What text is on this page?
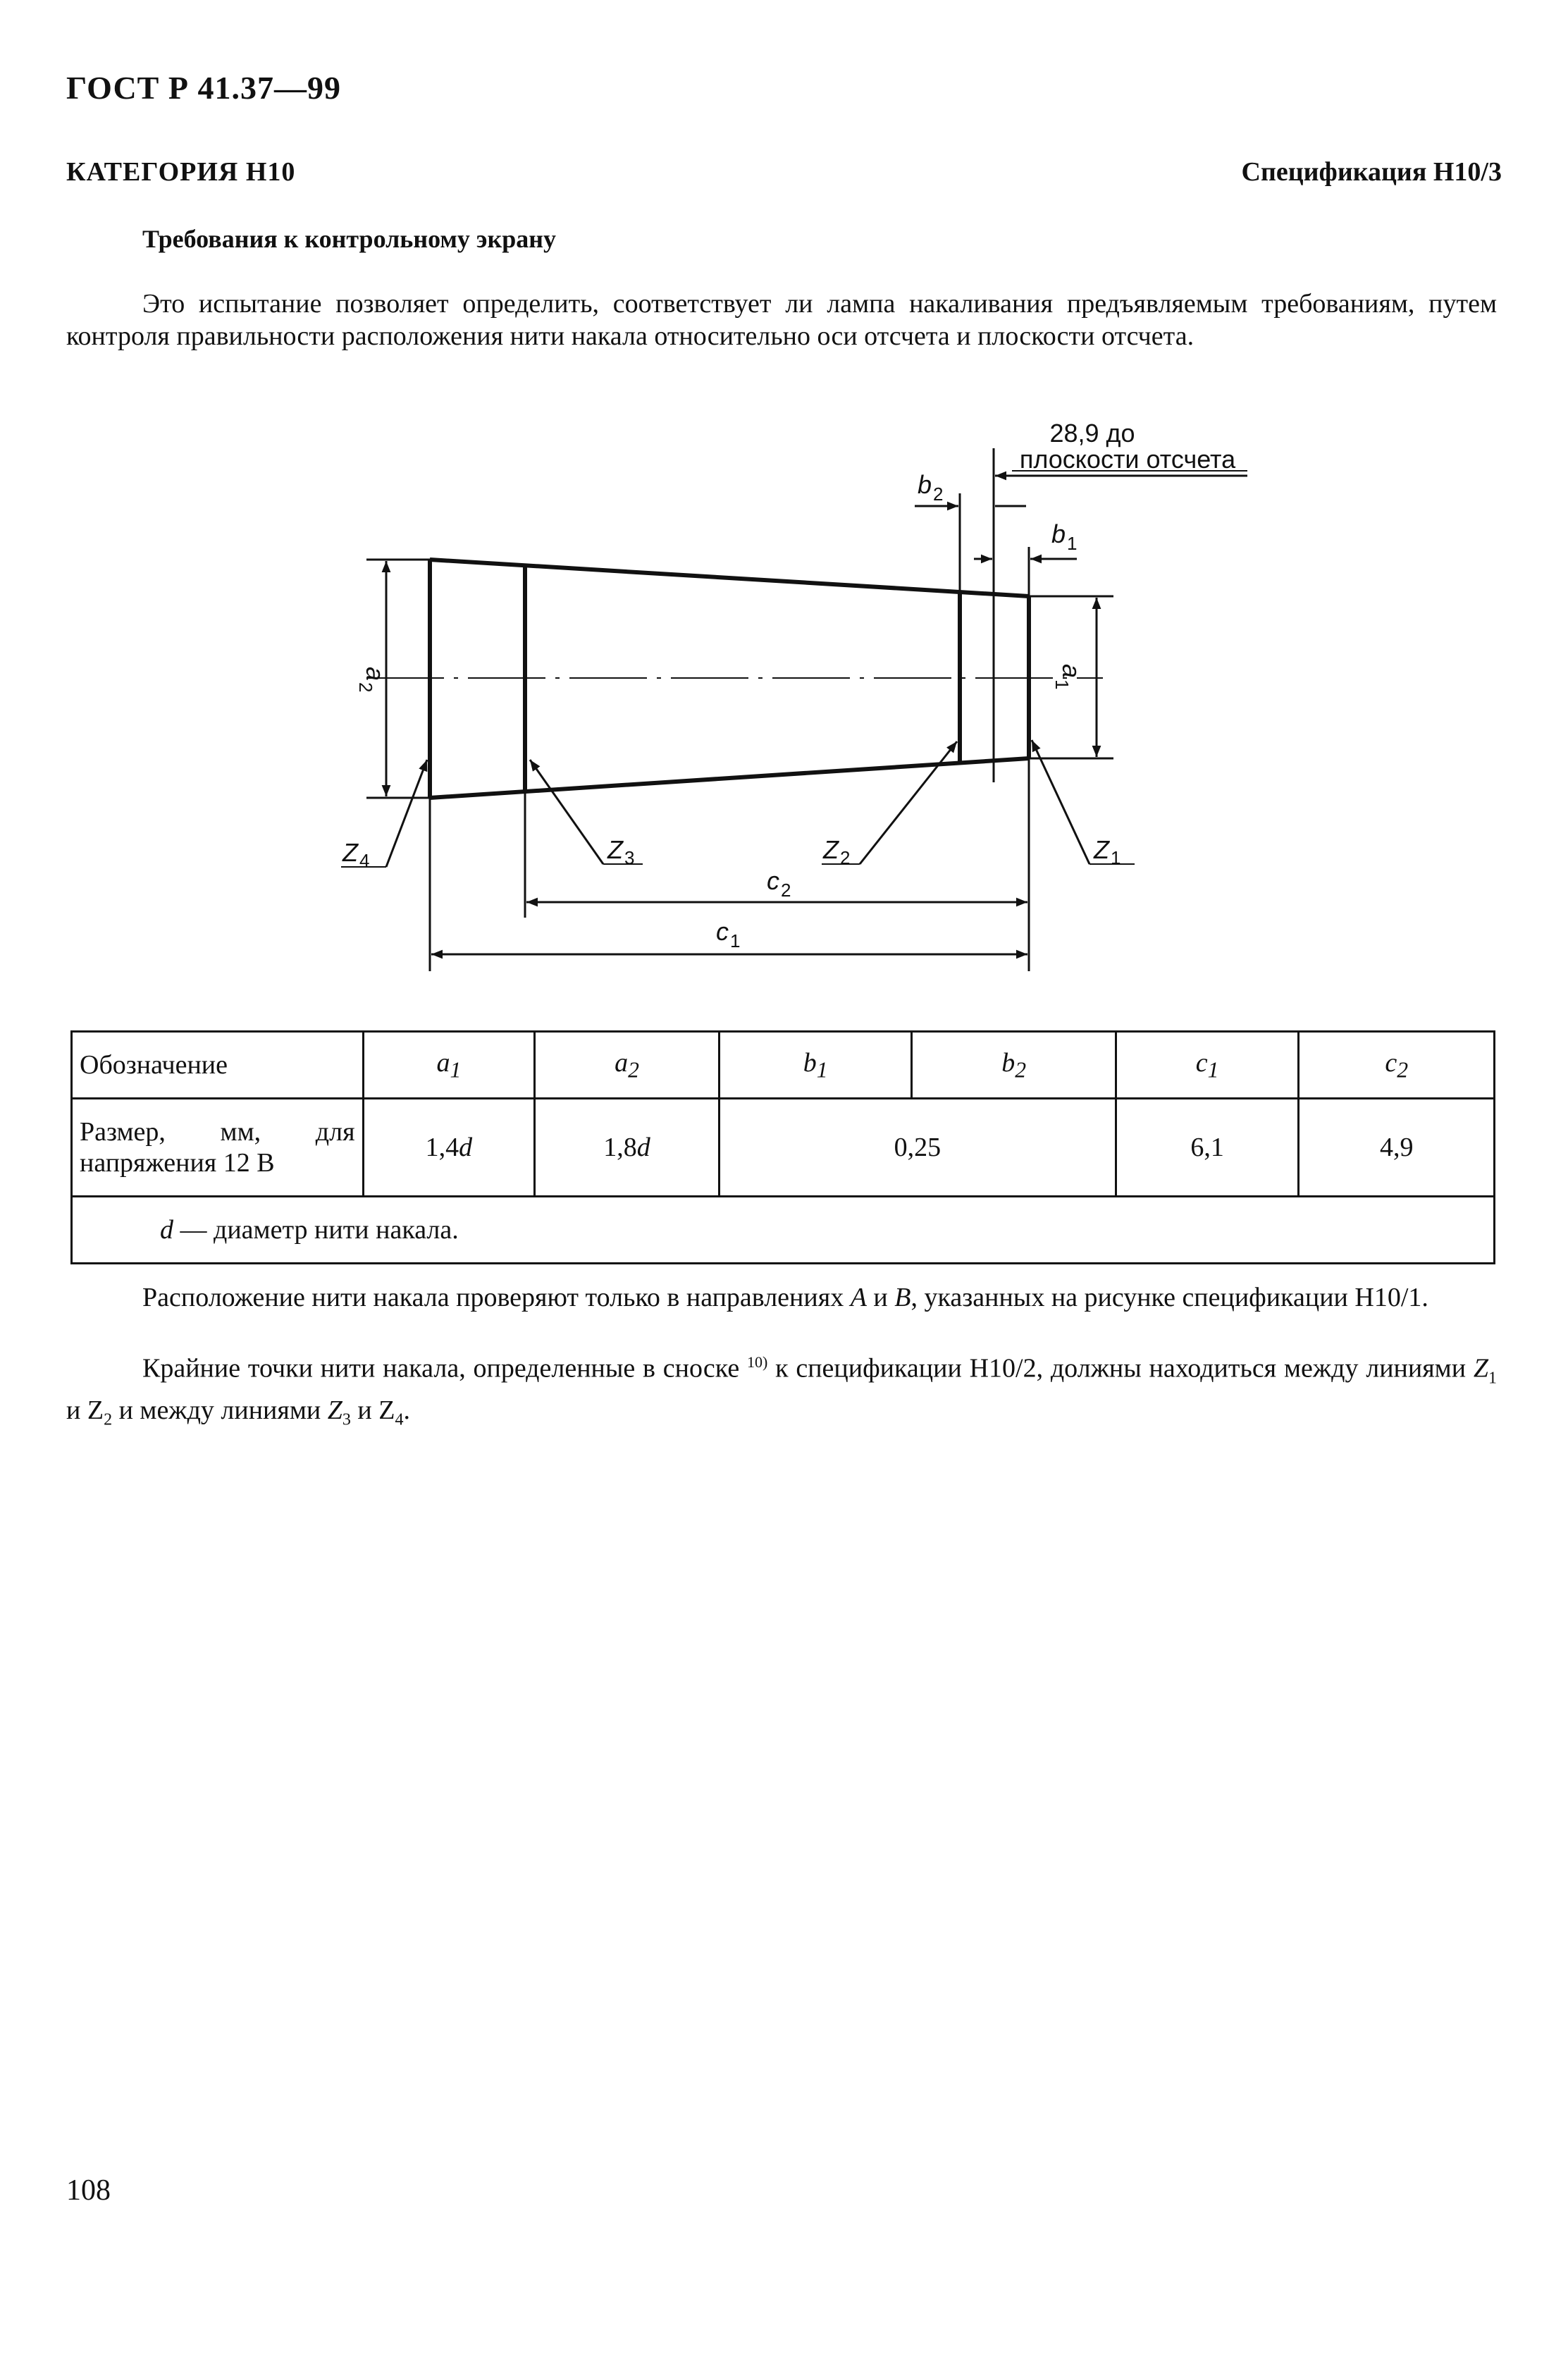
ГОСТ Р 41.37—99
КАТЕГОРИЯ Н10	Спецификация Н10/3
Требования к контрольному экрану
Это испытание позволяет определить, соответствует ли лампа накаливания предъявляемым требованиям, путем контроля правильности расположения нити накала относительно оси отсчета и плоскости отсчета.
28,9 до
плоскости отсчета
b 2
b 1
a
2
a
1
Z 4	Z 3	Z 2	Z 1
c 2
c 1
Обозначение	$a_1$	$a_2$	$b_1$	$b_2$	$c_1$	$c_2$

Размер, мм, для
напряжения 12 В	1,4d	1,8d	0,25		6,1	4,9
d — диаметр нити накала.						
Расположение нити накала проверяют только в направлениях А и В, указанных на рисунке спецификации Н10/1.
Крайние точки нити накала, определенные в сноске $^{10)}$ к спецификации Н10/2, должны находиться между линиями $Z_1$ и $Z_2$ и между линиями $Z_3$ и $Z_4$.
108
